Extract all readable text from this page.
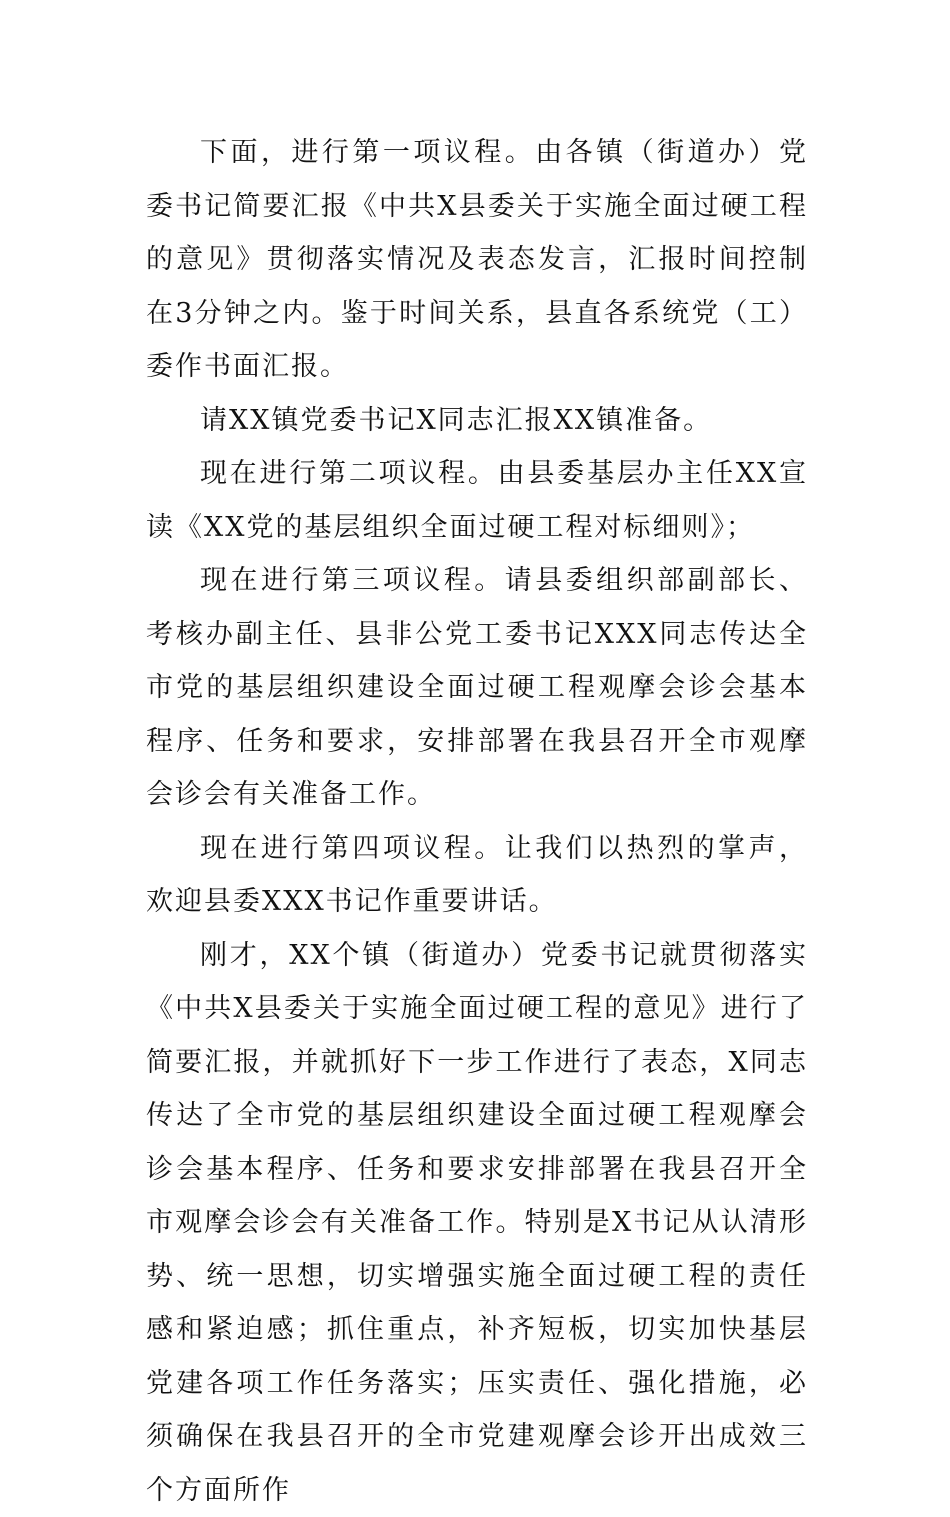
下面，进行第一项议程。由各镇（街道办）党委书记简要汇报《中共X县委关于实施全面过硬工程的意见》贯彻落实情况及表态发言，汇报时间控制在3分钟之内。鉴于时间关系，县直各系统党（工）委作书面汇报。

请XX镇党委书记X同志汇报XX镇准备。

现在进行第二项议程。由县委基层办主任XX宣读《XX党的基层组织全面过硬工程对标细则》；

现在进行第三项议程。请县委组织部副部长、考核办副主任、县非公党工委书记XXX同志传达全市党的基层组织建设全面过硬工程观摩会诊会基本程序、任务和要求，安排部署在我县召开全市观摩会诊会有关准备工作。

现在进行第四项议程。让我们以热烈的掌声，欢迎县委XXX书记作重要讲话。

刚才，XX个镇（街道办）党委书记就贯彻落实《中共X县委关于实施全面过硬工程的意见》进行了简要汇报，并就抓好下一步工作进行了表态，X同志传达了全市党的基层组织建设全面过硬工程观摩会诊会基本程序、任务和要求安排部署在我县召开全市观摩会诊会有关准备工作。特别是X书记从认清形势、统一思想，切实增强实施全面过硬工程的责任感和紧迫感；抓住重点，补齐短板，切实加快基层党建各项工作任务落实；压实责任、强化措施，必须确保在我县召开的全市党建观摩会诊开出成效三个方面所作
